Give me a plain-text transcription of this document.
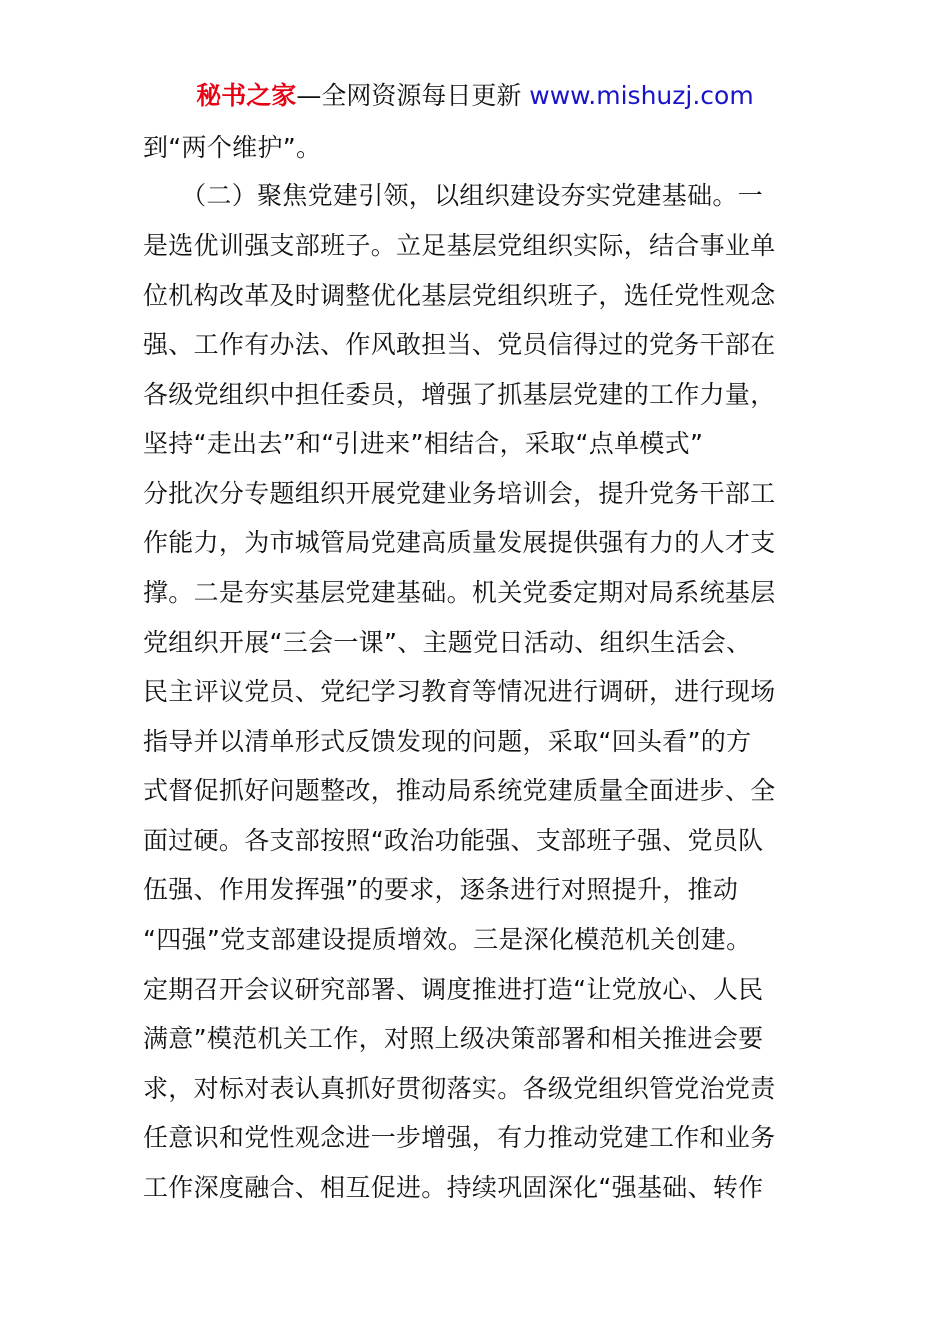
秘书之家—全网资源每日更新 www.mishuzj.com
到“两个维护”。
　　（二）聚焦党建引领，以组织建设夯实党建基础。一
是选优训强支部班子。立足基层党组织实际，结合事业单
位机构改革及时调整优化基层党组织班子，选任党性观念
强、工作有办法、作风敢担当、党员信得过的党务干部在
各级党组织中担任委员，增强了抓基层党建的工作力量，
坚持“走出去”和“引进来”相结合，采取“点单模式”
分批次分专题组织开展党建业务培训会，提升党务干部工
作能力，为市城管局党建高质量发展提供强有力的人才支
撑。二是夯实基层党建基础。机关党委定期对局系统基层
党组织开展“三会一课”、主题党日活动、组织生活会、
民主评议党员、党纪学习教育等情况进行调研，进行现场
指导并以清单形式反馈发现的问题，采取“回头看”的方
式督促抓好问题整改，推动局系统党建质量全面进步、全
面过硬。各支部按照“政治功能强、支部班子强、党员队
伍强、作用发挥强”的要求，逐条进行对照提升，推动
“四强”党支部建设提质增效。三是深化模范机关创建。
定期召开会议研究部署、调度推进打造“让党放心、人民
满意”模范机关工作，对照上级决策部署和相关推进会要
求，对标对表认真抓好贯彻落实。各级党组织管党治党责
任意识和党性观念进一步增强，有力推动党建工作和业务
工作深度融合、相互促进。持续巩固深化“强基础、转作
